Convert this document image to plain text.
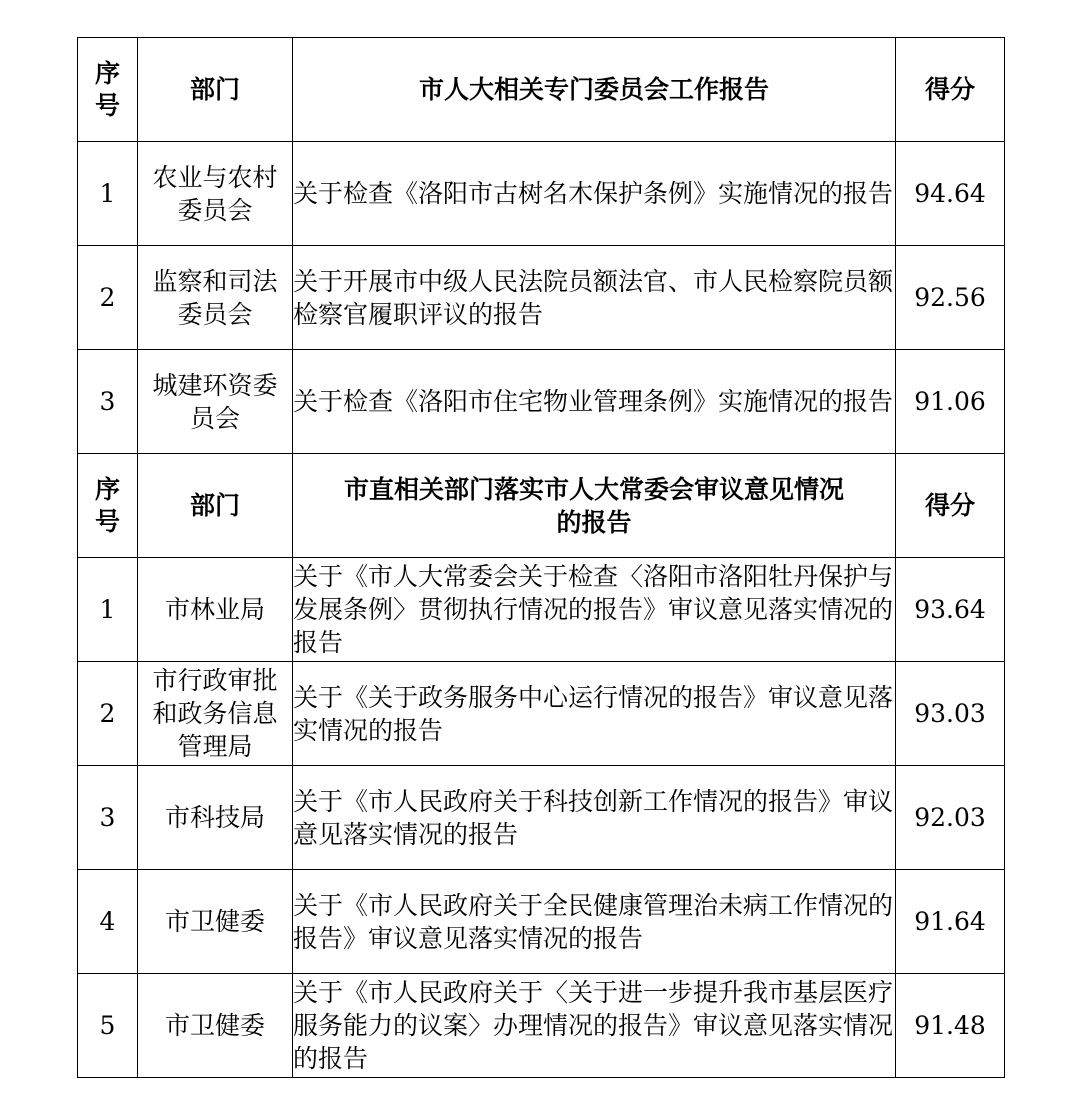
序号	部门	市人大相关专门委员会工作报告	得分
1	农业与农村委员会	关于检查《洛阳市古树名木保护条例》实施情况的报告	94.64
2	监察和司法委员会	关于开展市中级人民法院员额法官、市人民检察院员额检察官履职评议的报告	92.56
3	城建环资委员会	关于检查《洛阳市住宅物业管理条例》实施情况的报告	91.06

序号	部门	市直相关部门落实市人大常委会审议意见情况的报告	得分
1	市林业局	关于《市人大常委会关于检查〈洛阳市洛阳牡丹保护与发展条例〉贯彻执行情况的报告》审议意见落实情况的报告	93.64
2	市行政审批和政务信息管理局	关于《关于政务服务中心运行情况的报告》审议意见落实情况的报告	93.03
3	市科技局	关于《市人民政府关于科技创新工作情况的报告》审议意见落实情况的报告	92.03
4	市卫健委	关于《市人民政府关于全民健康管理治未病工作情况的报告》审议意见落实情况的报告	91.64
5	市卫健委	关于《市人民政府关于〈关于进一步提升我市基层医疗服务能力的议案〉办理情况的报告》审议意见落实情况的报告	91.48
